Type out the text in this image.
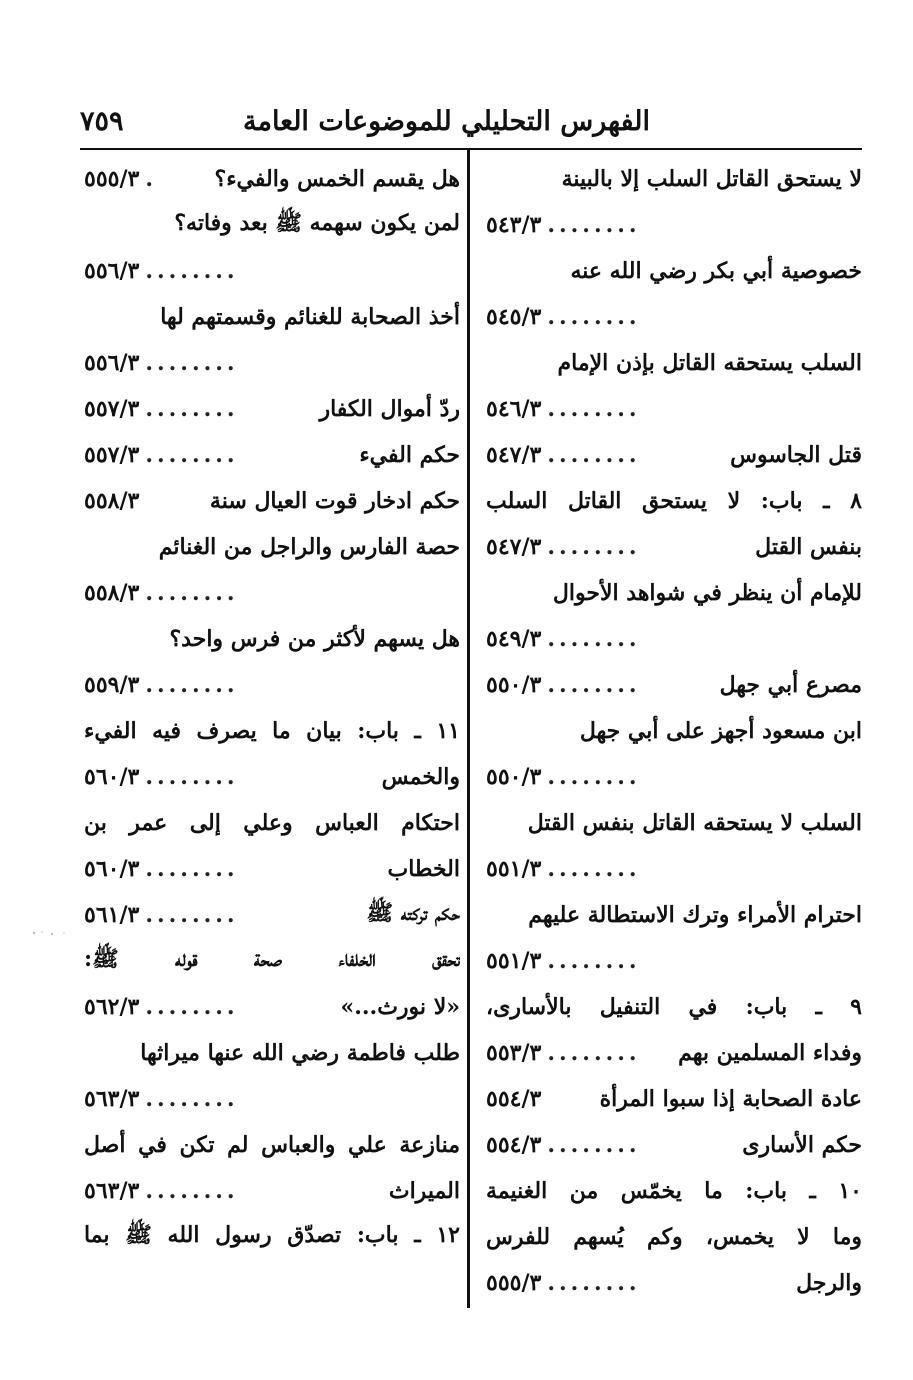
٧٥٩	الفهرس التحليلي للموضوعات العامة
لا يستحق القاتل السلب إلا بالبينة
........
٥٤٣/٣
خصوصية أبي بكر رضي الله عنه
........
٥٤٥/٣
السلب يستحقه القاتل بإذن الإمام
........
٥٤٦/٣
قتل الجاسوس
........
٥٤٧/٣
٨ ـ باب: لا يستحق القاتل السلب
بنفس القتل
........
٥٤٧/٣
للإمام أن ينظر في شواهد الأحوال
........
٥٤٩/٣
مصرع أبي جهل
........
٥٥٠/٣
ابن مسعود أجهز على أبي جهل
........
٥٥٠/٣
السلب لا يستحقه القاتل بنفس القتل
........
٥٥١/٣
احترام الأمراء وترك الاستطالة عليهم
........
٥٥١/٣
٩ ـ باب: في التنفيل بالأسارى،
وفداء المسلمين بهم
........
٥٥٣/٣
عادة الصحابة إذا سبوا المرأة
٥٥٤/٣
حكم الأسارى
........
٥٥٤/٣
١٠ ـ باب: ما يخمّس من الغنيمة
وما لا يخمس، وكم يُسهم للفرس
والرجل
........
٥٥٥/٣
هل يقسم الخمس والفيء؟
.
٥٥٥/٣
لمن يكون سهمه ﷺ بعد وفاته؟
........
٥٥٦/٣
أخذ الصحابة للغنائم وقسمتهم لها
........
٥٥٦/٣
ردّ أموال الكفار
........
٥٥٧/٣
حكم الفيء
........
٥٥٧/٣
حكم ادخار قوت العيال سنة
٥٥٨/٣
حصة الفارس والراجل من الغنائم
........
٥٥٨/٣
هل يسهم لأكثر من فرس واحد؟
........
٥٥٩/٣
١١ ـ باب: بيان ما يصرف فيه الفيء
والخمس
........
٥٦٠/٣
احتكام العباس وعلي إلى عمر بن
الخطاب
........
٥٦٠/٣
حكم تركته ﷺ
........
٥٦١/٣
تحقق الخلفاء صحة قوله ﷺ:
«لا نورث...»
........
٥٦٢/٣
طلب فاطمة رضي الله عنها ميراثها
........
٥٦٣/٣
منازعة علي والعباس لم تكن في أصل
الميراث
........
٥٦٣/٣
١٢ ـ باب: تصدّق رسول الله ﷺ بما
